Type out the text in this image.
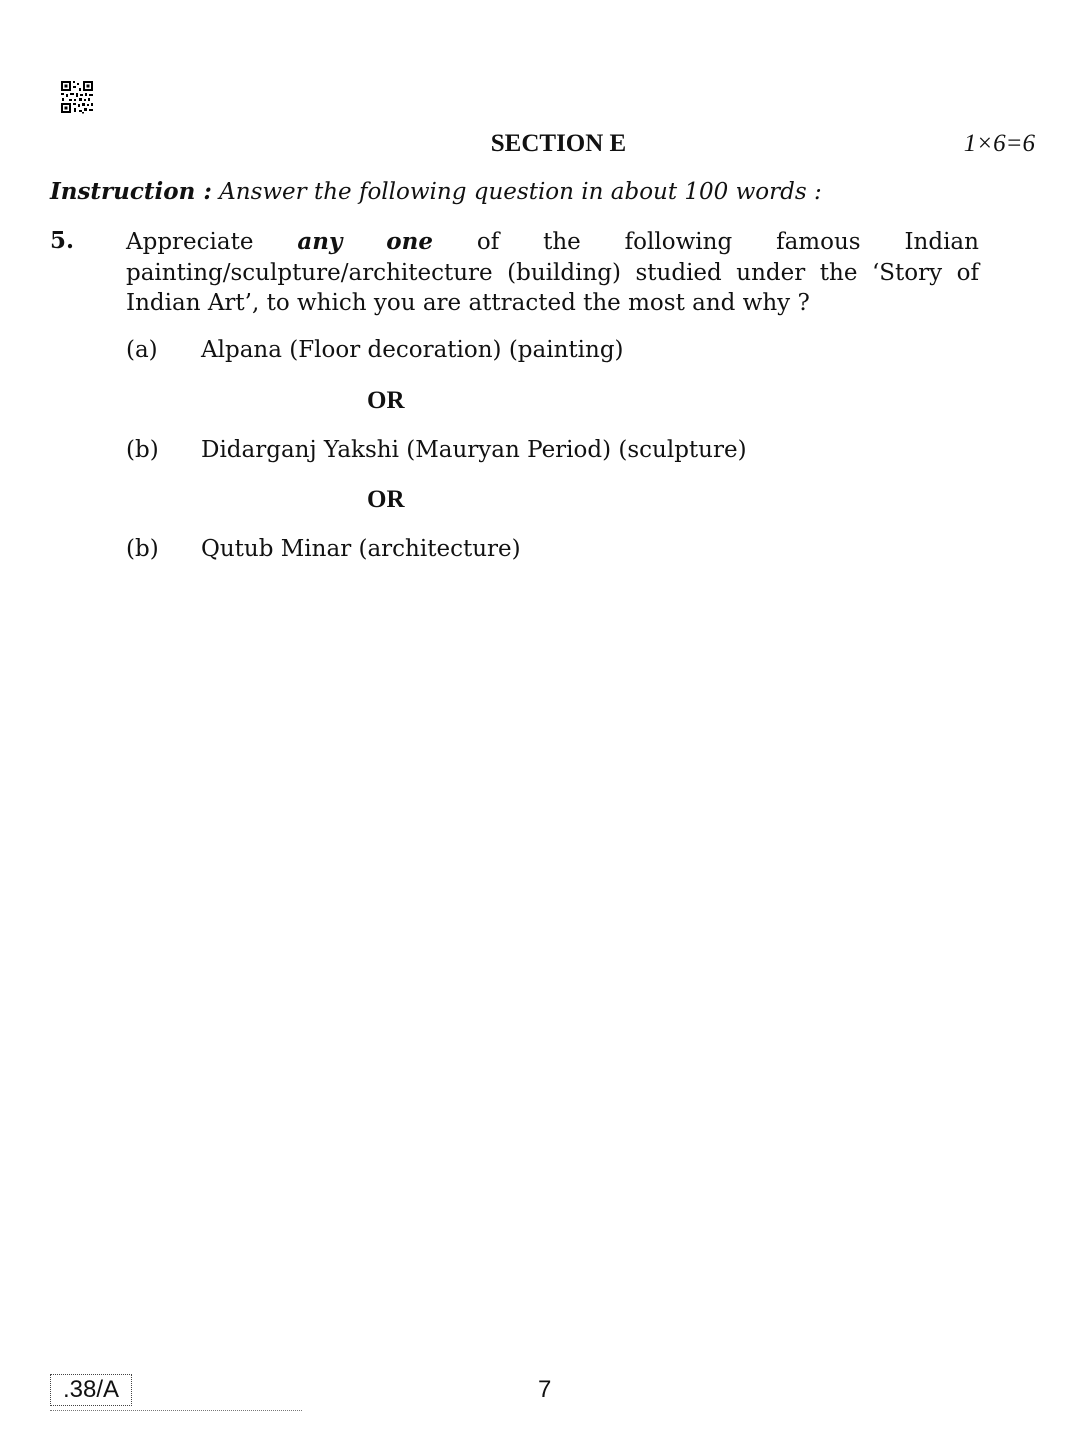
SECTION E	1×6=6
Instruction : Answer the following question in about 100 words :
5. Appreciate any one of the following famous Indian
painting/sculpture/architecture (building) studied under the ‘Story of
Indian Art’, to which you are attracted the most and why ?
(a) Alpana (Floor decoration) (painting)
OR
(b) Didarganj Yakshi (Mauryan Period) (sculpture)
OR
(b) Qutub Minar (architecture)
.38/A	7
